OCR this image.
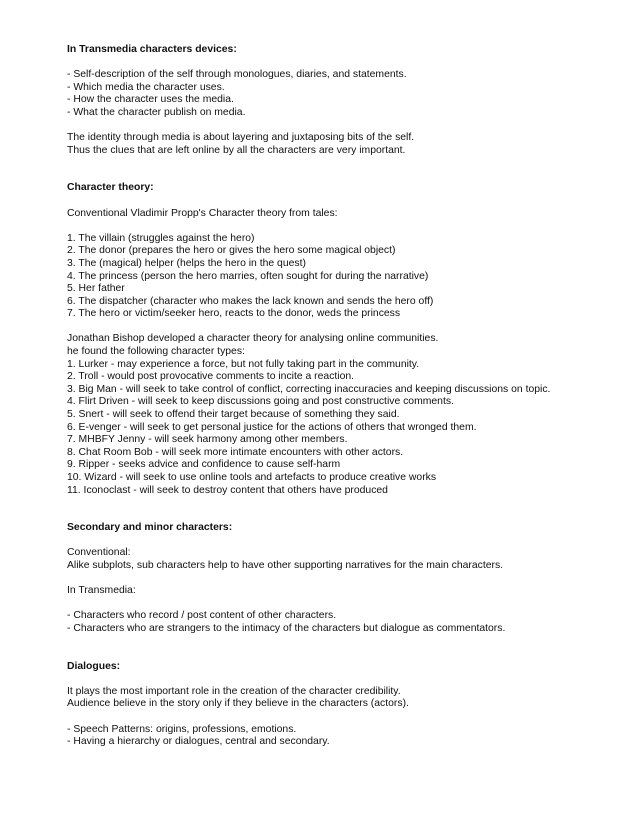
In Transmedia characters devices:
- Self-description of the self through monologues, diaries, and statements.
- Which media the character uses.
- How the character uses the media.
- What the character publish on media.
The identity through media is about layering and juxtaposing bits of the self.
Thus the clues that are left online by all the characters are very important.
Character theory:
Conventional Vladimir Propp's Character theory from tales:
1. The villain (struggles against the hero)
2. The donor (prepares the hero or gives the hero some magical object)
3. The (magical) helper (helps the hero in the quest)
4. The princess (person the hero marries, often sought for during the narrative)
5. Her father
6. The dispatcher (character who makes the lack known and sends the hero off)
7. The hero or victim/seeker hero, reacts to the donor, weds the princess
Jonathan Bishop developed a character theory for analysing online communities.
he found the following character types:
1. Lurker - may experience a force, but not fully taking part in the community.
2. Troll - would post provocative comments to incite a reaction.
3. Big Man - will seek to take control of conflict, correcting inaccuracies and keeping discussions on topic.
4. Flirt Driven - will seek to keep discussions going and post constructive comments.
5. Snert - will seek to offend their target because of something they said.
6. E-venger - will seek to get personal justice for the actions of others that wronged them.
7. MHBFY Jenny - will seek harmony among other members.
8. Chat Room Bob - will seek more intimate encounters with other actors.
9. Ripper - seeks advice and confidence to cause self-harm
10. Wizard - will seek to use online tools and artefacts to produce creative works
11. Iconoclast - will seek to destroy content that others have produced
Secondary and minor characters:
Conventional:
Alike subplots, sub characters help to have other supporting narratives for the main characters.
In Transmedia:
- Characters who record / post content of other characters.
- Characters who are strangers to the intimacy of the characters but dialogue as commentators.
Dialogues:
It plays the most important role in the creation of the character credibility.
Audience believe in the story only if they believe in the characters (actors).
- Speech Patterns: origins, professions, emotions.
- Having a hierarchy or dialogues, central and secondary.
